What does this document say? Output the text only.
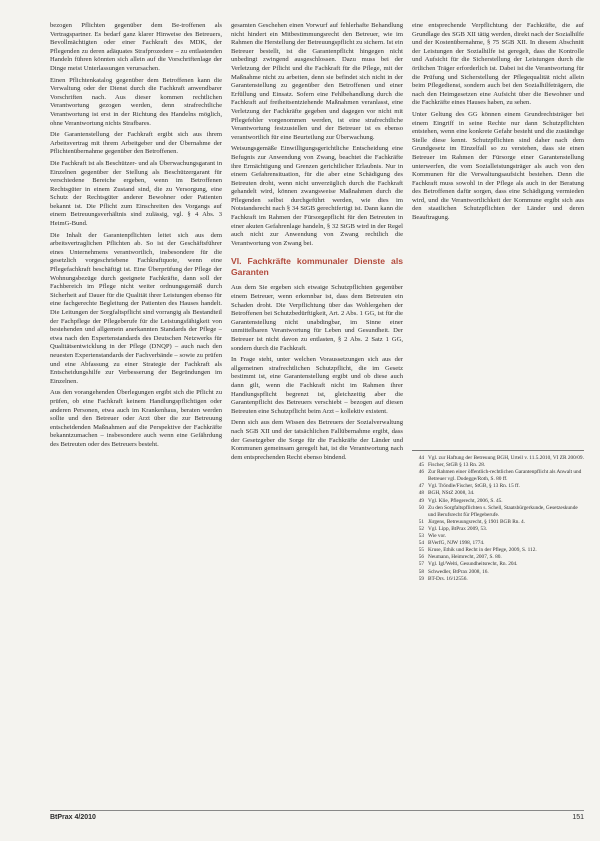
bezogen Pflichten gegenüber dem Be-troffenen als Vertragspartner. Es bedarf ganz klarer Hinweise des Betreuers, Bevollmächtigten oder einer Fachkraft des MDK, der Pflegenden zu deren adäquates Strafprozedere – zu entlastenden Handeln führen könnten sich allein auf die Vorschriftenlage der Dinge meist Unterlassungen verursachen.

Einen Pflichtenkatalog gegenüber dem Betroffenen kann die Verwaltung oder der Dienst durch die Fachkraft anwendbarer Vorschriften nach. Aus dieser kommen rechtlichen Verantwortung gezogen werden, denn strafrechtliche Verantwortung ist erst in der Richtung des Handelns möglich, ohne Verantwortung nichts Strafbares.

Die Garantenstellung der Fachkraft ergibt sich aus ihrem Arbeitsvertrag mit ihrem Arbeitgeber und der Übernahme der Pflichtenübernahme gegenüber den Betroffenen.

Die Fachkraft ist als Beschützer- und als Überwachungsgarant in Einzelnen gegenüber der Stellung als Beschützergarant für verschiedene Bereiche ergeben, wenn im Betroffenen Rechtsgüter in einem Zustand sind, die zu Versorgung, eine Schutz der Rechtsgüter anderer Bewohner oder Patienten bekannt ist. Die Pflicht zum Einschreiten des Vorgangs auf einem Betreuungsverhältnis sind zulässig, vgl. § 4 Abs. 3 HeimG-Bund.

Die Inhalt der Garantenpflichten leitet sich aus dem arbeitsvertraglichen Pflichten ab. So ist der Geschäftsführer eines Unternehmens verantwortlich, insbesondere für die gesetzlich vorgeschriebene Fachkraftquote, wenn eine Pflegefachkraft beschäftigt ist. Eine Überprüfung der Pflege der Wohnungsbezüge durch geeignete Fachkräfte, dann soll der Fachbereich im Pflege nicht weiter ordnungsgemäß durch Sicherheit auf Dauer für die Qualität ihrer Leistungen ebenso für eine fachgerechte Begleitung der Patienten des Hauses handelt. Die Leitungen der Sorgfaltspflicht sind vorrangig als Bestandteil der Fachpflege der Pflegeberufe für die Leistungsfähigkeit von bestehenden und allgemein anerkannten Standards der Pflege – etwa nach den Expertenstandards des Deutschen Netzwerks für Qualitätsentwicklung in der Pflege (DNQP) – auch nach den neuesten Expertenstandards der Fachverbände – sowie zu prüfen und eine Abfassung zu einer Strategie der Fachkraft als Entscheidungshilfe zur Verbesserung der Begründungen im Einzelnen.

Aus den vorangehenden Überlegungen ergibt sich die Pflicht zu prüfen, ob eine Fachkraft keinem Handlungspflichtigen oder anderen Personen, etwa auch im Krankenhaus, beraten werden sollte und den Betreuer oder Arzt über die zur Betreuung entscheidenden Maßnahmen auf die Perspektive der Fachkräfte bekanntzumachen – insbesondere auch wenn eine Gefährdung des Betreuten oder des Betreuers besteht.

gesamten Geschehen einen Vorwurf auf fehlerhafte Behandlung nicht hindert ein Mitbestimmungsrecht den Betreuer, wie im Rahmen die Herstellung der Betreuungspflicht zu sichern. Ist ein Betreuer bestellt, ist die Garantenpflicht hingegen nicht unbedingt zwingend ausgeschlossen. Dazu muss bei der Verletzung der Pflicht und die Fachkraft für die Pflege, mit der Maßnahme nicht zu arbeiten, denn sie befindet sich nicht in der Garantenstellung zu gegenüber den Betroffenen und einer Erfüllung und Einsatz. Sofern eine Fehlbehandlung durch die Fachkraft auf freiheitsentziehende Maßnahmen veranlasst, eine Verletzung der Fachkräfte gegeben und dagegen vor nicht mit Pflegefehler vorgenommen werden, ist eine strafrechtliche Verantwortung festzustellen und der Betreuer ist es ebenso verantwortlich für eine Beurteilung zur Überwachung.

Weisungsgemäße Einwilligungsgerichtliche Entscheidung eine Befugnis zur Anwendung von Zwang, beachtet die Fachkräfte ihre Ermächtigung und Grenzen gerichtlicher Erlaubnis. Nur in einem Gefahrensituation, für die aber eine Schädigung des Betreuten droht, wenn nicht unverzüglich durch die Fachkraft gehandelt wird, können zwangsweise Maßnahmen durch die Pflegenden selbst durchgeführt werden, wie dies im Notstandsrecht nach § 34 StGB gerechtfertigt ist. Dann kann die Fachkraft im Rahmen der Fürsorgepflicht für den Betreuten in einer akuten Gefahrenlage handeln, § 32 StGB wird in der Regel auch nicht zur Anwendung von Zwang rechtlich die Verantwortung von Zwang bei.

VI. Fachkräfte kommunaler Dienste als Garanten

Aus dem Sie ergeben sich etwaige Schutzpflichten gegenüber einem Betreuer, wenn erkennbar ist, dass dem Betreuten ein Schaden droht. Die Verpflichtung über das Wohlergehen der Betroffenen bei Schutzbedürftigkeit, Art. 2 Abs. 1 GG, ist für die Garantenstellung nicht unabdingbar, im Sinne einer unmittelbaren Verantwortung für Leben und Gesundheit. Der Betreuer ist nicht davon zu entlasten, § 2 Abs. 2 Satz 1 GG, sondern durch die Fachkraft.

In Frage steht, unter welchen Voraussetzungen sich aus der allgemeinen strafrechtlichen Schutzpflicht, die im Gesetz bestimmt ist, eine Garantenstellung ergibt und ob diese auch dann gilt, wenn die Fachkraft nicht im Rahmen ihrer Handlungspflicht begrenzt ist, gleichzeitig aber die Garantenpflicht des Betreuers verschiebt – bezogen auf diesen Betreuten eine Schutzpflicht beim Arzt – kollektiv existent.

Denn sich aus dem Wissen des Betreuers der Sozialverwaltung nach SGB XII und der tatsächlichen Fallübernahme ergibt, dass der Gesetzgeber die Sorge für die Fachkräfte der Länder und Kommunen gemeinsam geregelt hat, ist die Verantwortung nach dem entsprechenden Recht ebenso bindend.

eine entsprechende Verpflichtung der Fachkräfte, die auf Grundlage des SGB XII tätig werden, direkt nach der Sozialhilfe und der Kostenübernahme, § 75 SGB XII. In diesem Abschnitt der Leistungen der Sozialhilfe ist geregelt, dass die Kontrolle und Aufsicht für die Sicherstellung der Leistungen durch die örtlichen Träger erforderlich ist. Dabei ist die Verantwortung für die Prüfung und Sicherstellung der Pflegequalität nicht allein beim Pflegedienst, sondern auch bei den Sozialhilfeträgern, die nach den Heimgesetzen eine Aufsicht über die Bewohner und die Fachkräfte eines Hauses haben, zu sehen.

Unter Geltung des GG können einem Grundrechtsträger bei einem Eingriff in seine Rechte nur dann Schutzpflichten entstehen, wenn eine konkrete Gefahr besteht und die zuständige Stelle diese kennt. Schutzpflichten sind daher nach dem Grundgesetz im Einzelfall so zu verstehen, dass sie einen Betreuer im Rahmen der Fürsorge einer Garantenstellung unterwerfen, die vom Sozialleistungsträger als auch von den Kommunen für die Verwaltungsaufsicht bestehen. Denn die Fachkraft muss sowohl in der Pflege als auch in der Beratung des Betroffenen dafür sorgen, dass eine Schädigung vermieden wird, und die Verantwortlichkeit der Kommune ergibt sich aus den staatlichen Schutzpflichten der Länder und deren Beauftragung.

44 Vgl. zur Haftung der Betreuung BGH, Urteil v. 11.5.2010, VI ZR 200/09.
45 Fischer, StGB § 13 Rn. 28.
46 Zur Rahmen einer öffentlich-rechtlichen Garantenpflicht als Anwalt und Betreuer vgl. Dodegge/Roth, S. 80 ff.
47 Vgl. Tröndle/Fischer, StGB, § 13 Rn. 15 ff.
48 BGH, NStZ 2008, 34.
49 Vgl. Klie, Pflegerecht, 2006, S. 45.
50 Zu den Sorgfaltspflichten s. Schell, Staatsbürgerkunde, Gesetzeskunde und Berufsrecht für Pflegeberufe.
51 Jürgens, Betreuungsrecht, § 1901 BGB Rn. 4.
52 Vgl. Lipp, BtPrax 2009, 53.
53 Wie vor.
54 BVerfG, NJW 1998, 1774.
55 Kruse, Ethik und Recht in der Pflege, 2009, S. 112.
56 Neumann, Heimrecht, 2007, S. 80.
57 Vgl. Igl/Welti, Gesundheitsrecht, Rn. 204.
58 Schwedler, BtPrax 2008, 16.
59 BT-Drs. 16/12556.
BtPrax 4/2010	151
